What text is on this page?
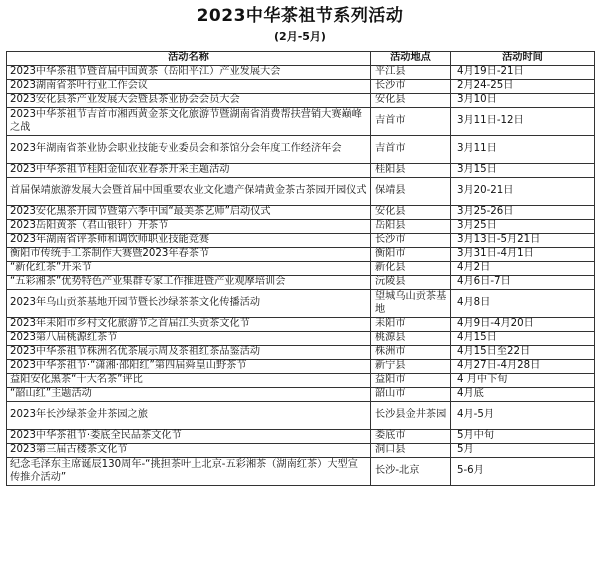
2023中华茶祖节系列活动
(2月-5月)
活动名称	活动地点	活动时间
2023中华茶祖节暨首届中国黄茶（岳阳平江）产业发展大会	平江县	4月19日-21日
2023湖南省茶叶行业工作会议	长沙市	2月24-25日
2023安化县茶产业发展大会暨县茶业协会会员大会	安化县	3月10日
2023中华茶祖节吉首市湘西黄金茶文化旅游节暨湖南省消费帮扶营销大赛巅峰之战	吉首市	3月11日-12日
2023年湖南省茶业协会职业技能专业委员会和茶馆分会年度工作经济年会	吉首市	3月11日
2023中华茶祖节桂阳金仙农业春茶开采主题活动	桂阳县	3月15日
首届保靖旅游发展大会暨首届中国重要农业文化遗产保靖黄金茶古茶园开园仪式	保靖县	3月20-21日
2023安化黑茶开园节暨第六季中国“最美茶艺师”启动仪式	安化县	3月25-26日
2023岳阳黄茶（君山银针）开茶节	岳阳县	3月25日
2023年湖南省评茶师和调饮师职业技能竞赛	长沙市	3月13日-5月21日
衡阳市传统手工茶制作大赛暨2023年春茶节	衡阳市	3月31日-4月1日
“新化红茶”开采节	新化县	4月2日
“五彩湘茶”优势特色产业集群专家工作推进暨产业观摩培训会	沅陵县	4月6日-7日
2023年乌山贡茶基地开园节暨长沙绿茶茶文化传播活动	望城乌山贡茶基地	4月8日
2023年耒阳市乡村文化旅游节之首届江头贡茶文化节	耒阳市	4月9日-4月20日
2023第八届桃源红茶节	桃源县	4月15日
2023中华茶祖节株洲名优茶展示周及茶祖红茶品鉴活动	株洲市	4月15日至22日
2023中华茶祖节·“潇湘·邵阳红”第四届舜皇山野茶节	新宁县	4月27日-4月28日
益阳安化黑茶“十大名茶”评比	益阳市	4 月中下旬
“韶山红”主题活动	韶山市	4月底
2023年长沙绿茶金井茶园之旅	长沙县金井茶园	4月-5月
2023中华茶祖节·娄底全民品茶文化节	娄底市	5月中旬
2023第三届古楼茶文化节	洞口县	5月
纪念毛泽东主席诞辰130周年-“挑担茶叶上北京-五彩湘茶（湖南红茶）大型宣传推介活动”	长沙-北京	5-6月
